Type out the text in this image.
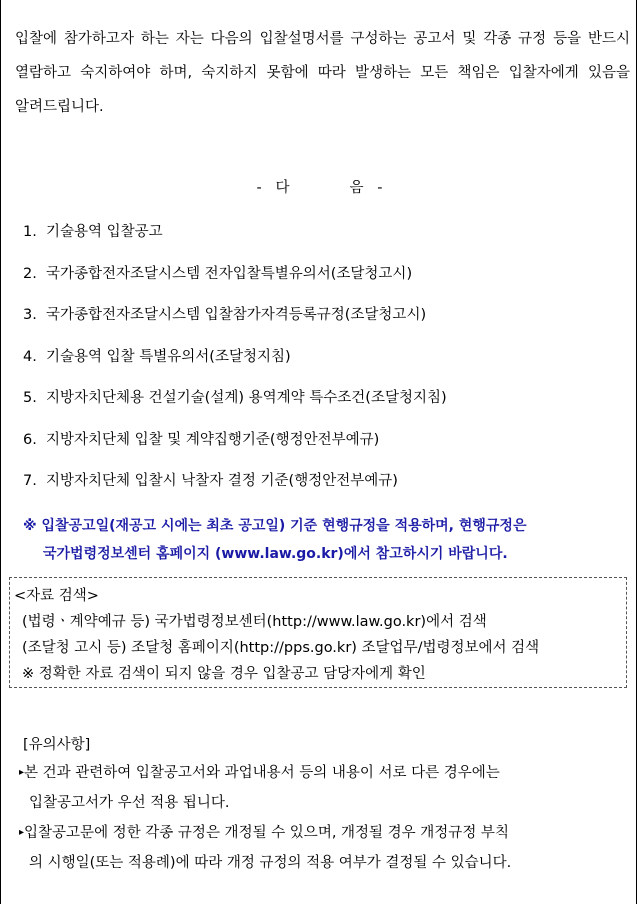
입찰에 참가하고자 하는 자는 다음의 입찰설명서를 구성하는 공고서 및 각종 규정 등을 반드시 열람하고 숙지하여야 하며, 숙지하지 못함에 따라 발생하는 모든 책임은 입찰자에게 있음을 알려드립니다.

-   다             음   -

1. 기술용역 입찰공고
2. 국가종합전자조달시스템 전자입찰특별유의서(조달청고시)
3. 국가종합전자조달시스템 입찰참가자격등록규정(조달청고시)
4. 기술용역 입찰 특별유의서(조달청지침)
5. 지방자치단체용 건설기술(설계) 용역계약 특수조건(조달청지침)
6. 지방자치단체 입찰 및 계약집행기준(행정안전부예규)
7. 지방자치단체 입찰시 낙찰자 결정 기준(행정안전부예규)
※ 입찰공고일(재공고 시에는 최초 공고일) 기준 현행규정을 적용하며, 현행규정은
국가법령정보센터 홈페이지 (www.law.go.kr)에서 참고하시기 바랍니다.
<자료 검색>
(법령ㆍ계약예규 등) 국가법령정보센터(http://www.law.go.kr)에서 검색
(조달청 고시 등) 조달청 홈페이지(http://pps.go.kr) 조달업무/법령정보에서 검색
※ 정확한 자료 검색이 되지 않을 경우 입찰공고 담당자에게 확인

[유의사항]

▸본 건과 관련하여 입찰공고서와 과업내용서 등의 내용이 서로 다른 경우에는
입찰공고서가 우선 적용 됩니다.
▸입찰공고문에 정한 각종 규정은 개정될 수 있으며, 개정될 경우 개정규정 부칙
의 시행일(또는 적용례)에 따라 개정 규정의 적용 여부가 결정될 수 있습니다.
